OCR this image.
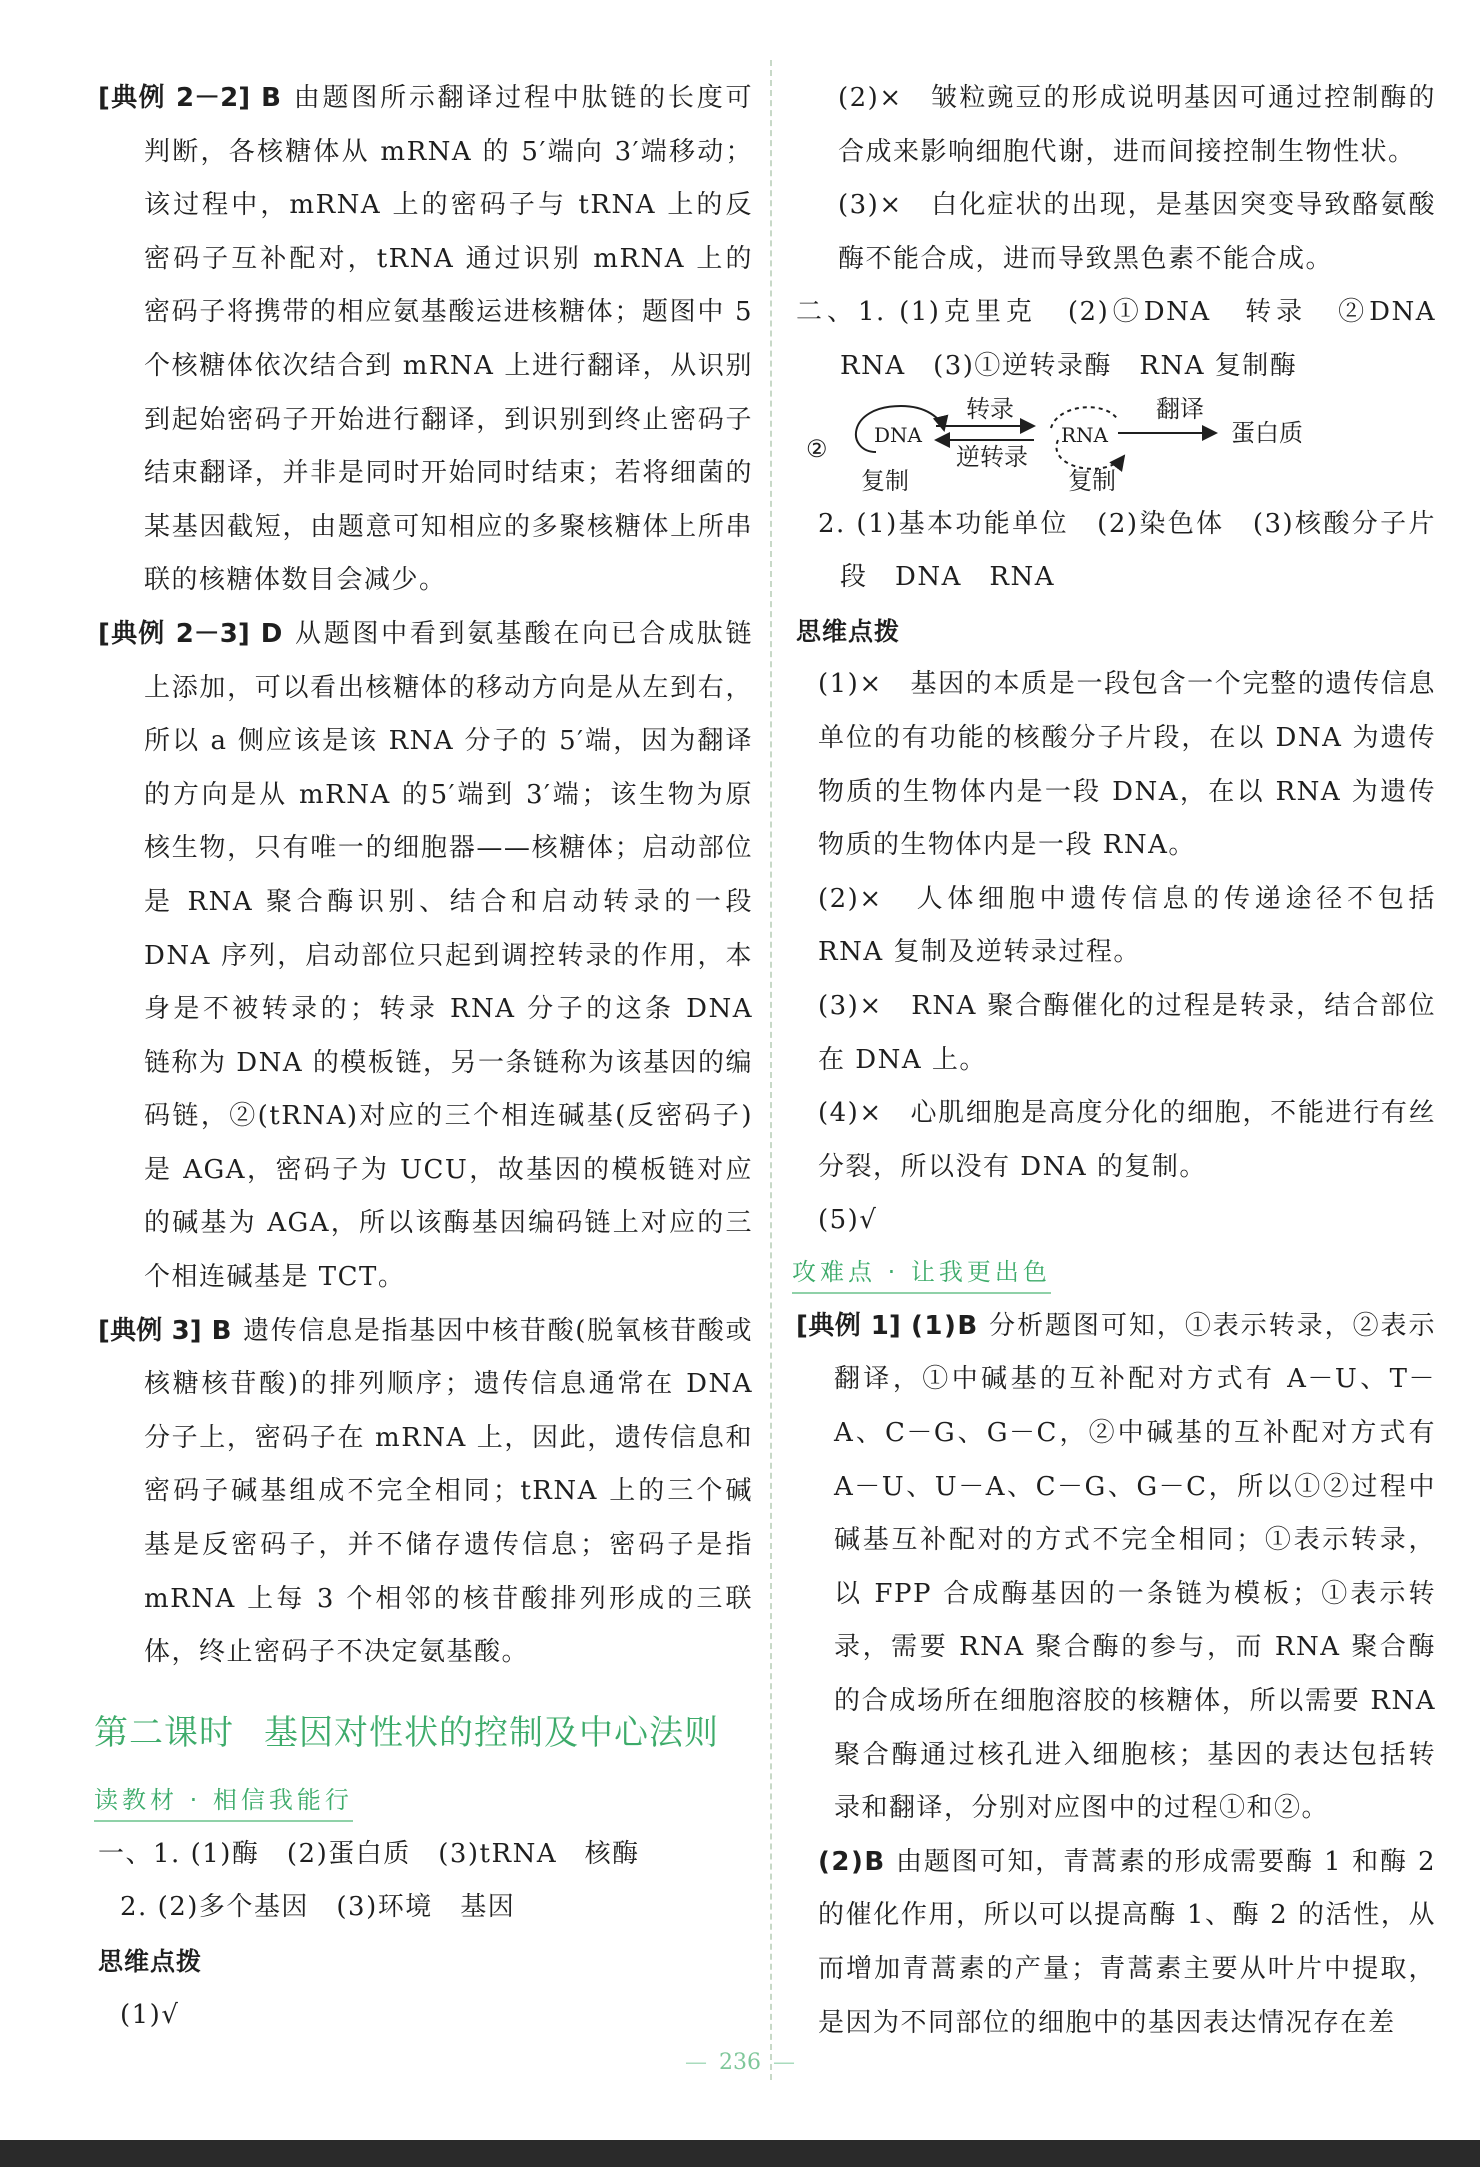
[典例 2－2] B 由题图所示翻译过程中肽链的长度可判断，各核糖体从 mRNA 的 5′端向 3′端移动；该过程中，mRNA 上的密码子与 tRNA 上的反密码子互补配对，tRNA 通过识别 mRNA 上的密码子将携带的相应氨基酸运进核糖体；题图中 5 个核糖体依次结合到 mRNA 上进行翻译，从识别到起始密码子开始进行翻译，到识别到终止密码子结束翻译，并非是同时开始同时结束；若将细菌的某基因截短，由题意可知相应的多聚核糖体上所串联的核糖体数目会减少。

[典例 2－3] D 从题图中看到氨基酸在向已合成肽链上添加，可以看出核糖体的移动方向是从左到右，所以 a 侧应该是该 RNA 分子的 5′端，因为翻译的方向是从 mRNA 的5′端到 3′端；该生物为原核生物，只有唯一的细胞器——核糖体；启动部位是 RNA 聚合酶识别、结合和启动转录的一段 DNA 序列，启动部位只起到调控转录的作用，本身是不被转录的；转录 RNA 分子的这条 DNA 链称为 DNA 的模板链，另一条链称为该基因的编码链，②(tRNA)对应的三个相连碱基(反密码子)是 AGA，密码子为 UCU，故基因的模板链对应的碱基为 AGA，所以该酶基因编码链上对应的三个相连碱基是 TCT。

[典例 3] B 遗传信息是指基因中核苷酸(脱氧核苷酸或核糖核苷酸)的排列顺序；遗传信息通常在 DNA 分子上，密码子在 mRNA 上，因此，遗传信息和密码子碱基组成不完全相同；tRNA 上的三个碱基是反密码子，并不储存遗传信息；密码子是指 mRNA 上每 3 个相邻的核苷酸排列形成的三联体，终止密码子不决定氨基酸。

第二课时 基因对性状的控制及中心法则
读教材 · 相信我能行

一、1. (1)酶　(2)蛋白质　(3)tRNA　核酶

2. (2)多个基因　(3)环境　基因

思维点拨

(1)√

(2)×　皱粒豌豆的形成说明基因可通过控制酶的合成来影响细胞代谢，进而间接控制生物性状。

(3)×　白化症状的出现，是基因突变导致酪氨酸酶不能合成，进而导致黑色素不能合成。

二、1. (1)克里克　(2)①DNA　转录　②DNA　RNA　(3)①逆转录酶　RNA 复制酶

② DNA
转录
逆转录
RNA
翻译
蛋白质
复制	复制

2. (1)基本功能单位　(2)染色体　(3)核酸分子片段　DNA　RNA

思维点拨

(1)×　基因的本质是一段包含一个完整的遗传信息单位的有功能的核酸分子片段，在以 DNA 为遗传物质的生物体内是一段 DNA，在以 RNA 为遗传物质的生物体内是一段 RNA。

(2)×　人体细胞中遗传信息的传递途径不包括 RNA 复制及逆转录过程。

(3)×　RNA 聚合酶催化的过程是转录，结合部位在 DNA 上。

(4)×　心肌细胞是高度分化的细胞，不能进行有丝分裂，所以没有 DNA 的复制。

(5)√

攻难点 · 让我更出色

[典例 1] (1)B 分析题图可知，①表示转录，②表示翻译，①中碱基的互补配对方式有 A－U、T－A、C－G、G－C，②中碱基的互补配对方式有 A－U、U－A、C－G、G－C，所以①②过程中碱基互补配对的方式不完全相同；①表示转录，以 FPP 合成酶基因的一条链为模板；①表示转录，需要 RNA 聚合酶的参与，而 RNA 聚合酶的合成场所在细胞溶胶的核糖体，所以需要 RNA 聚合酶通过核孔进入细胞核；基因的表达包括转录和翻译，分别对应图中的过程①和②。

(2)B 由题图可知，青蒿素的形成需要酶 1 和酶 2 的催化作用，所以可以提高酶 1、酶 2 的活性，从而增加青蒿素的产量；青蒿素主要从叶片中提取，是因为不同部位的细胞中的基因表达情况存在差

— 236 —
